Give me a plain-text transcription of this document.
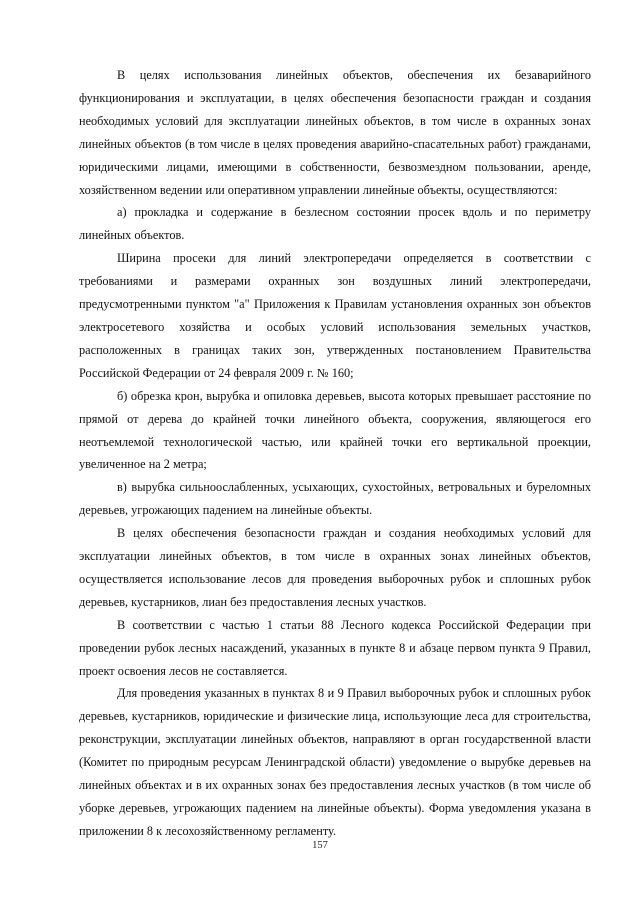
В целях использования линейных объектов, обеспечения их безаварийного функционирования и эксплуатации, в целях обеспечения безопасности граждан и создания необходимых условий для эксплуатации линейных объектов, в том числе в охранных зонах линейных объектов (в том числе в целях проведения аварийно-спасательных работ) гражданами, юридическими лицами, имеющими в собственности, безвозмездном пользовании, аренде, хозяйственном ведении или оперативном управлении линейные объекты, осуществляются:

а) прокладка и содержание в безлесном состоянии просек вдоль и по периметру линейных объектов.

Ширина просеки для линий электропередачи определяется в соответствии с требованиями и размерами охранных зон воздушных линий электропередачи, предусмотренными пунктом "а" Приложения к Правилам установления охранных зон объектов электросетевого хозяйства и особых условий использования земельных участков, расположенных в границах таких зон, утвержденных постановлением Правительства Российской Федерации от 24 февраля 2009 г. № 160;

б) обрезка крон, вырубка и опиловка деревьев, высота которых превышает расстояние по прямой от дерева до крайней точки линейного объекта, сооружения, являющегося его неотъемлемой технологической частью, или крайней точки его вертикальной проекции, увеличенное на 2 метра;

в) вырубка сильноослабленных, усыхающих, сухостойных, ветровальных и буреломных деревьев, угрожающих падением на линейные объекты.

В целях обеспечения безопасности граждан и создания необходимых условий для эксплуатации линейных объектов, в том числе в охранных зонах линейных объектов, осуществляется использование лесов для проведения выборочных рубок и сплошных рубок деревьев, кустарников, лиан без предоставления лесных участков.

В соответствии с частью 1 статьи 88 Лесного кодекса Российской Федерации при проведении рубок лесных насаждений, указанных в пункте 8 и абзаце первом пункта 9 Правил, проект освоения лесов не составляется.

Для проведения указанных в пунктах 8 и 9 Правил выборочных рубок и сплошных рубок деревьев, кустарников, юридические и физические лица, использующие леса для строительства, реконструкции, эксплуатации линейных объектов, направляют в орган государственной власти (Комитет по природным ресурсам Ленинградской области) уведомление о вырубке деревьев на линейных объектах и в их охранных зонах без предоставления лесных участков (в том числе об уборке деревьев, угрожающих падением на линейные объекты). Форма уведомления указана в приложении 8 к лесохозяйственному регламенту.

157
